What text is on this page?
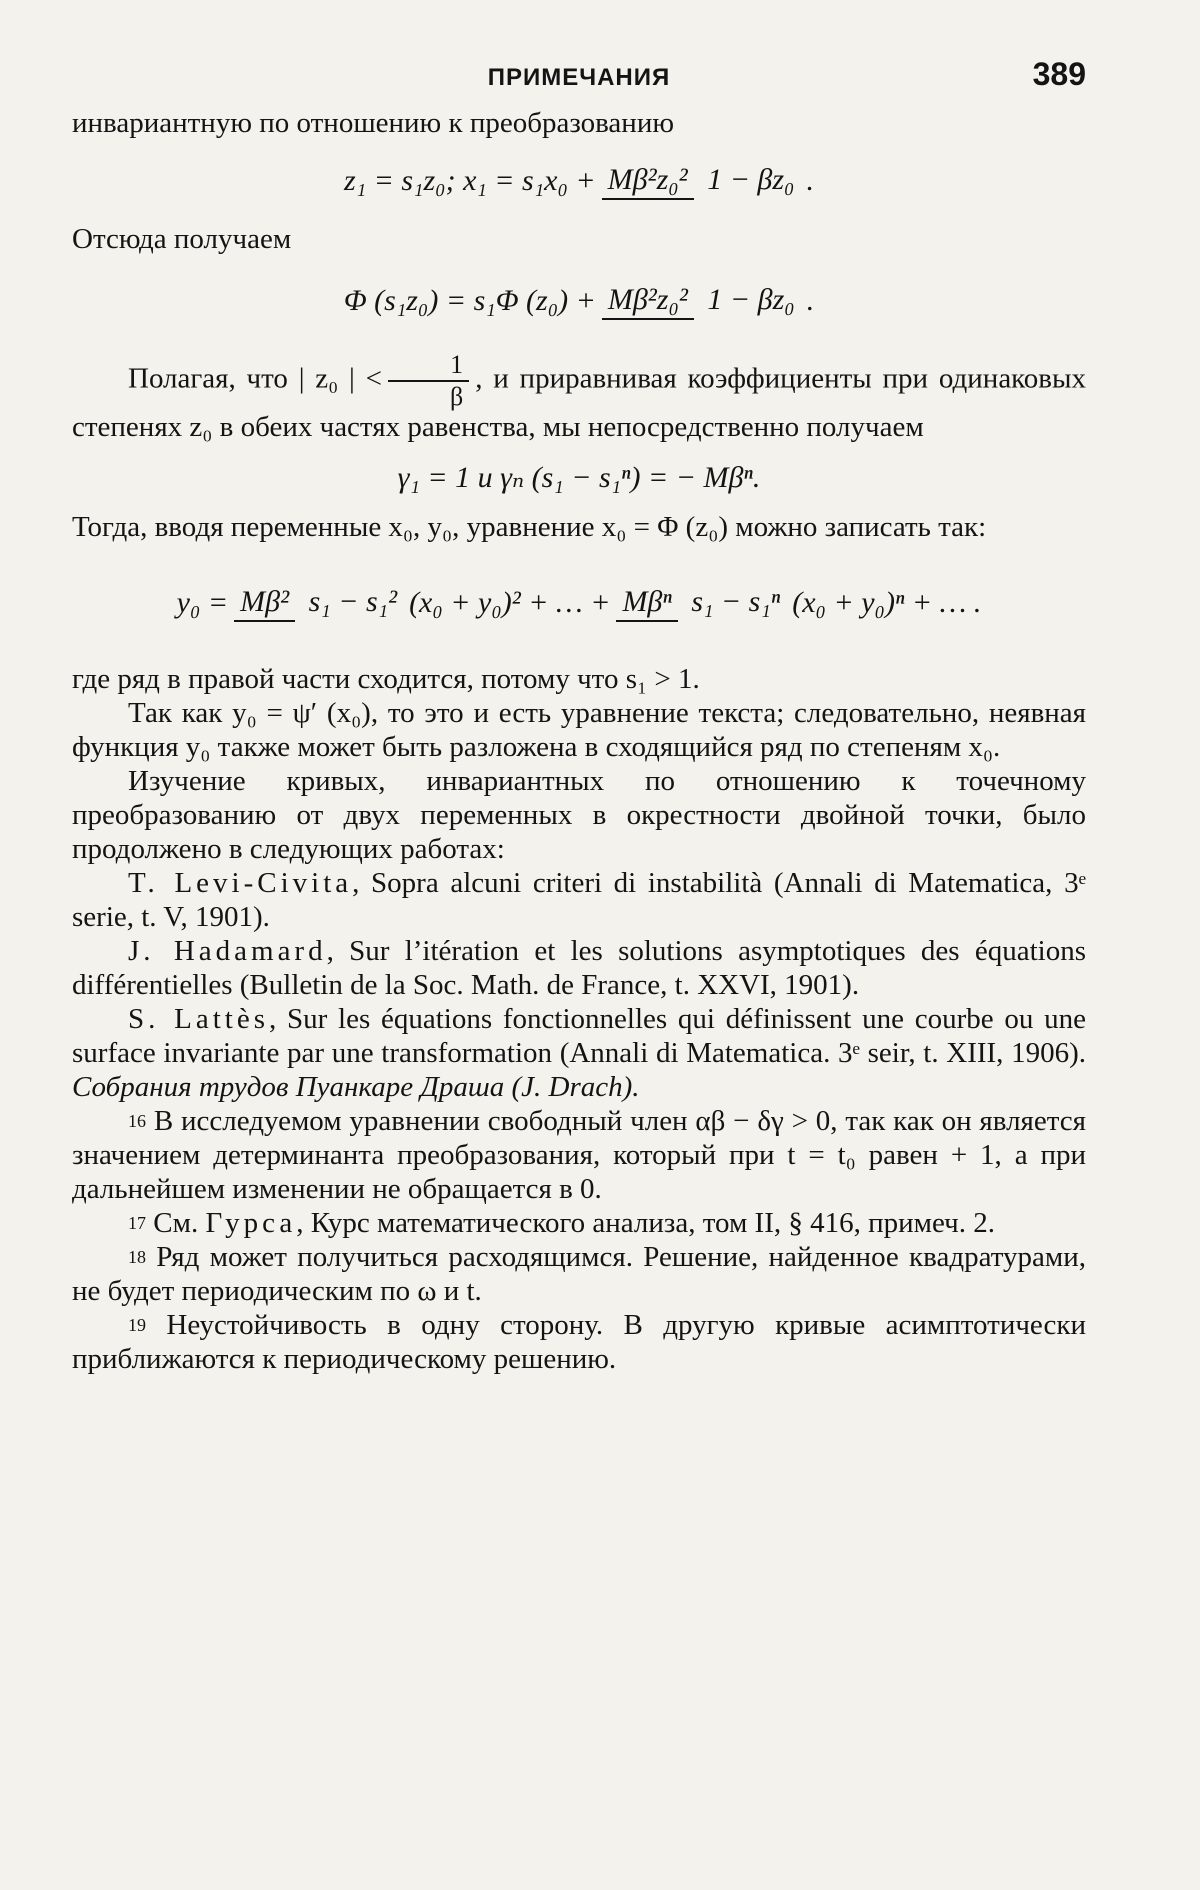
ПРИМЕЧАНИЯ	389

инвариантную по отношению к преобразованию

z₁ = s₁z₀; x₁ = s₁x₀ + Mβ²z₀² 1 − βz₀ .

Отсюда получаем

Φ (s₁z₀) = s₁Φ (z₀) + Mβ²z₀² 1 − βz₀ .

Полагая, что | z₀ | < $\frac{1}{\beta}$ , и приравнивая коэффициенты при одинаковых степенях z₀ в обеих частях равенства, мы непосредственно получаем

γ₁ = 1 и γₙ (s₁ − s₁ⁿ) = − Mβⁿ.

Тогда, вводя переменные x₀, y₀, уравнение x₀ = Φ (z₀) можно записать так:

y₀ = Mβ² s₁ − s₁² (x₀ + y₀)² + … + Mβⁿ s₁ − s₁ⁿ (x₀ + y₀)ⁿ + … .

где ряд в правой части сходится, потому что s₁ > 1.

Так как y₀ = ψ′ (x₀), то это и есть уравнение текста; следовательно, неявная функция y₀ также может быть разложена в сходящийся ряд по степеням x₀.

Изучение кривых, инвариантных по отношению к точечному преобразованию от двух переменных в окрестности двойной точки, было продолжено в следующих работах:

T. Levi-Civita, Sopra alcuni criteri di instabilità (Annali di Matematica, 3ᵉ serie, t. V, 1901).

J. Hadamard, Sur l’itération et les solutions asymptotiques des équations différentielles (Bulletin de la Soc. Math. de France, t. XXVI, 1901).

S. Lattès, Sur les équations fonctionnelles qui définissent une courbe ou une surface invariante par une transformation (Annali di Matematica. 3ᵉ seir, t. XIII, 1906). Собрания трудов Пуанкаре Драша (J. Drach).

$^{16}$ В исследуемом уравнении свободный член αβ − δγ > 0, так как он является значением детерминанта преобразования, который при t = t₀ равен + 1, а при дальнейшем изменении не обращается в 0.

$^{17}$ См. Гурса, Курс математического анализа, том II, § 416, примеч. 2.

$^{18}$ Ряд может получиться расходящимся. Решение, найденное квадратурами, не будет периодическим по ω и t.

$^{19}$ Неустойчивость в одну сторону. В другую кривые асимптотически приближаются к периодическому решению.
